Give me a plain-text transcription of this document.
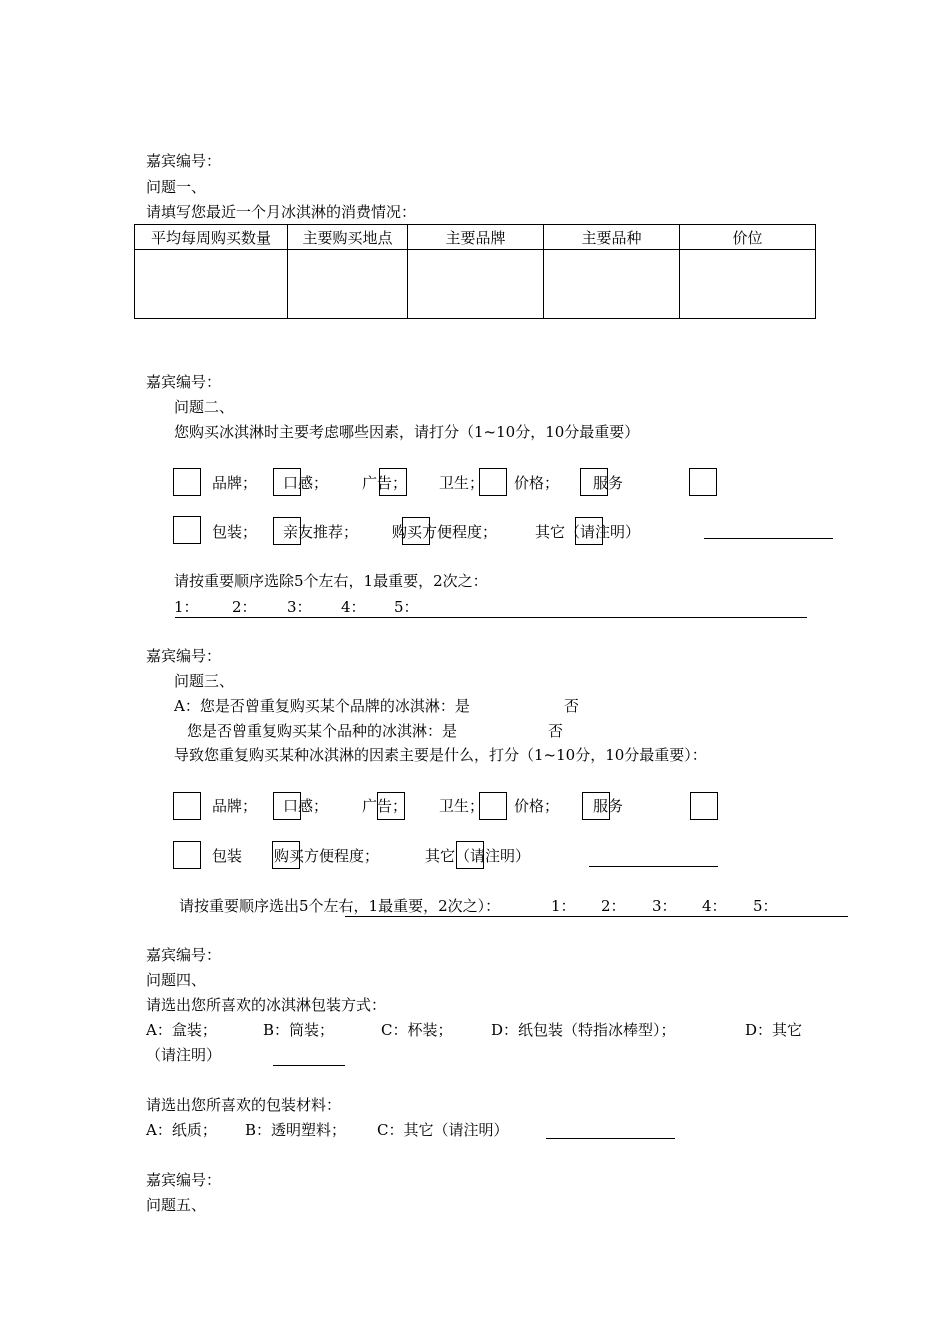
嘉宾编号：
问题一、
请填写您最近一个月冰淇淋的消费情况：
平均每周购买数量	主要购买地点	主要品牌	主要品种	价位

嘉宾编号：
问题二、
您购买冰淇淋时主要考虑哪些因素，请打分（1~10分，10分最重要）
品牌； 口感； 广告； 卫生； 价格； 服务
包装； 亲友推荐； 购买方便程度；	其它（请注明）
请按重要顺序选除5个左右，1最重要，2次之：
1： 2： 3： 4： 5：
嘉宾编号：
问题三、
A：您是否曾重复购买某个品牌的冰淇淋：是	否
您是否曾重复购买某个品种的冰淇淋：是	否
导致您重复购买某种冰淇淋的因素主要是什么，打分（1~10分，10分最重要）：
品牌； 口感； 广告； 卫生； 价格； 服务
包装 购买方便程度；	其它（请注明）
请按重要顺序选出5个左右，1最重要，2次之）：	1： 2： 3： 4： 5：
嘉宾编号：
问题四、
请选出您所喜欢的冰淇淋包装方式：
A：盒装；	B：筒装；	C：杯装；	D：纸包装（特指冰棒型）；	D：其它
（请注明）
请选出您所喜欢的包装材料：
A：纸质； B：透明塑料； C：其它（请注明）
嘉宾编号：
问题五、
